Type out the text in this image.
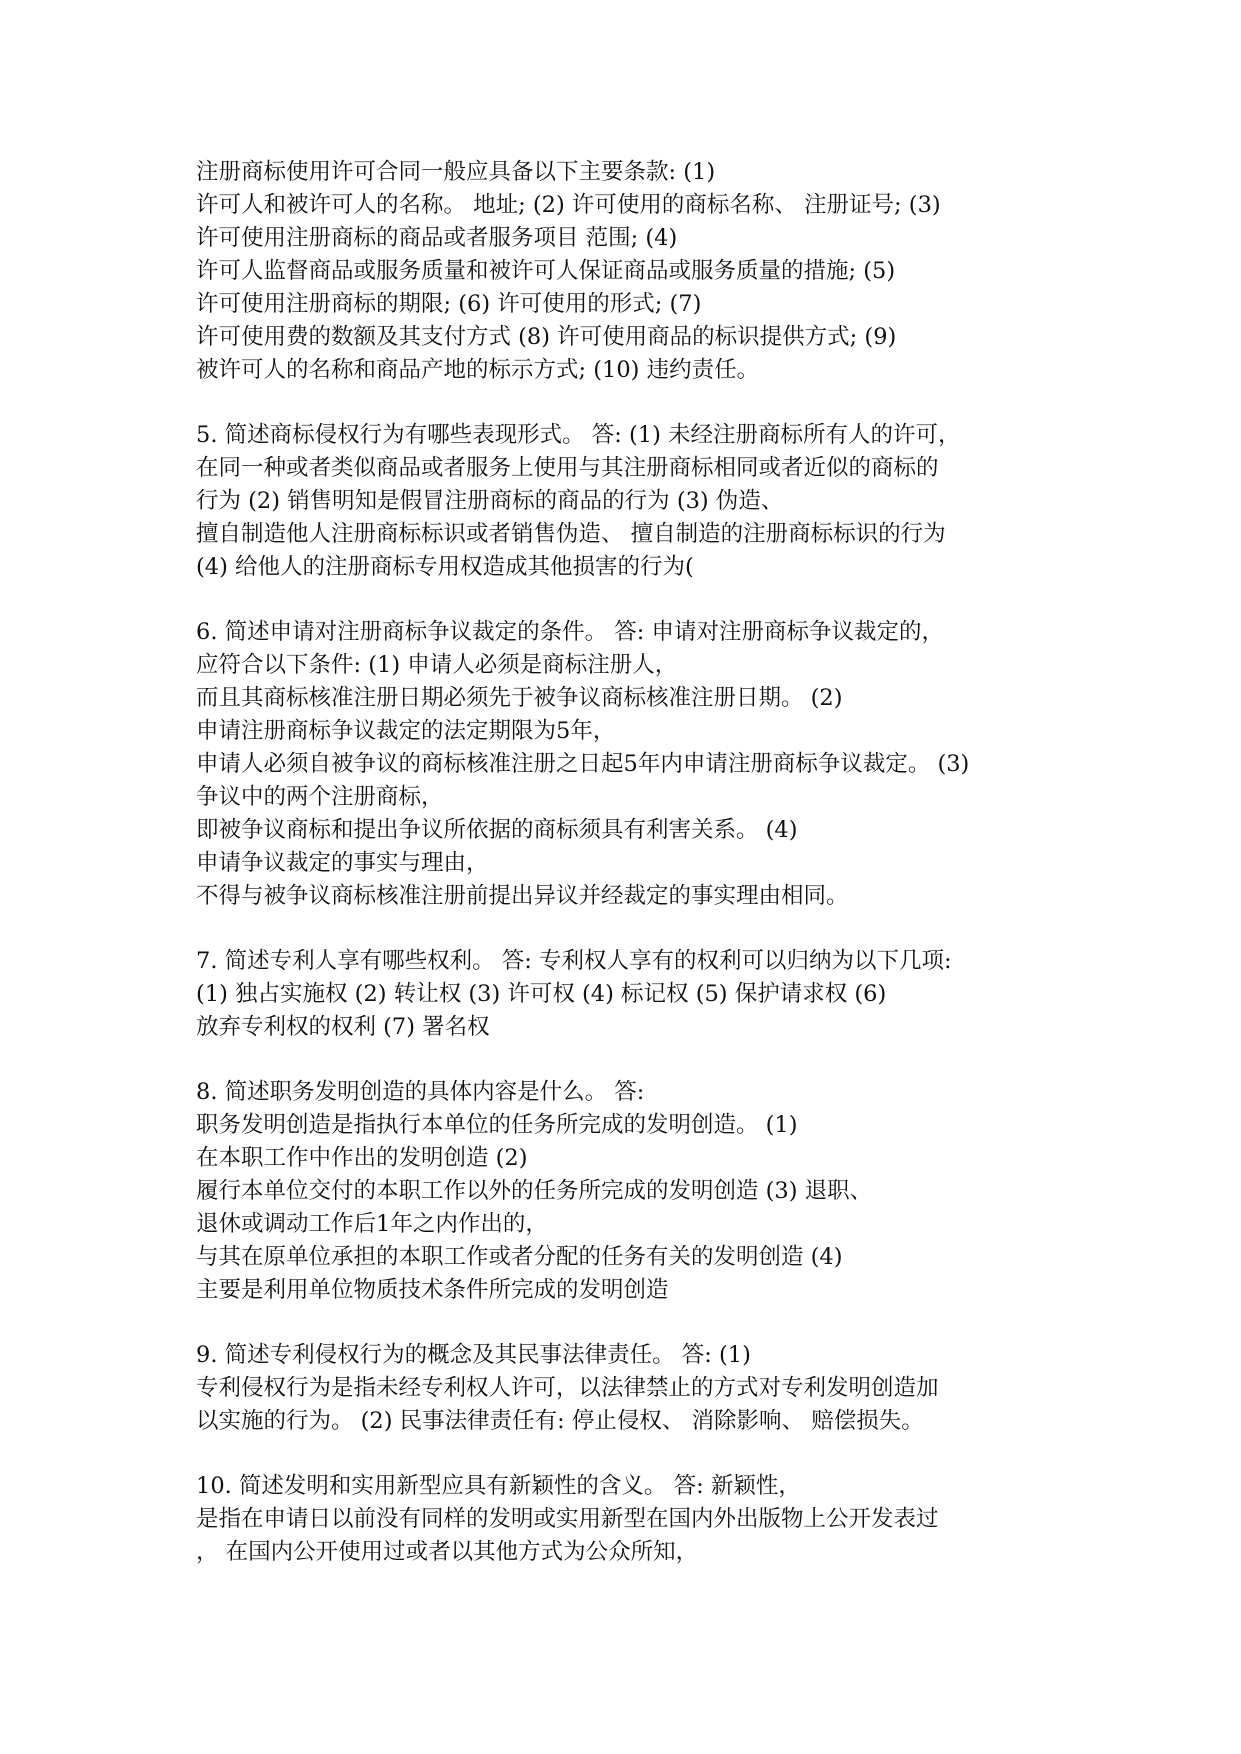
注册商标使用许可合同一般应具备以下主要条款: (1)
许可人和被许可人的名称。 地址; (2) 许可使用的商标名称、 注册证号; (3)
许可使用注册商标的商品或者服务项目 范围; (4)
许可人监督商品或服务质量和被许可人保证商品或服务质量的措施; (5)
许可使用注册商标的期限; (6) 许可使用的形式; (7)
许可使用费的数额及其支付方式 (8) 许可使用商品的标识提供方式; (9)
被许可人的名称和商品产地的标示方式; (10) 违约责任。
5. 简述商标侵权行为有哪些表现形式。 答: (1) 未经注册商标所有人的许可，
在同一种或者类似商品或者服务上使用与其注册商标相同或者近似的商标的
行为 (2) 销售明知是假冒注册商标的商品的行为 (3) 伪造、
擅自制造他人注册商标标识或者销售伪造、 擅自制造的注册商标标识的行为
(4) 给他人的注册商标专用权造成其他损害的行为(
6. 简述申请对注册商标争议裁定的条件。 答: 申请对注册商标争议裁定的，
应符合以下条件: (1) 申请人必须是商标注册人，
而且其商标核准注册日期必须先于被争议商标核准注册日期。 (2)
申请注册商标争议裁定的法定期限为5年，
申请人必须自被争议的商标核准注册之日起5年内申请注册商标争议裁定。 (3)
争议中的两个注册商标，
即被争议商标和提出争议所依据的商标须具有利害关系。 (4)
申请争议裁定的事实与理由，
不得与被争议商标核准注册前提出异议并经裁定的事实理由相同。
7. 简述专利人享有哪些权利。 答: 专利权人享有的权利可以归纳为以下几项:
(1) 独占实施权 (2) 转让权 (3) 许可权 (4) 标记权 (5) 保护请求权 (6)
放弃专利权的权利 (7) 署名权
8. 简述职务发明创造的具体内容是什么。 答:
职务发明创造是指执行本单位的任务所完成的发明创造。 (1)
在本职工作中作出的发明创造 (2)
履行本单位交付的本职工作以外的任务所完成的发明创造 (3) 退职、
退休或调动工作后1年之内作出的，
与其在原单位承担的本职工作或者分配的任务有关的发明创造 (4)
主要是利用单位物质技术条件所完成的发明创造
9. 简述专利侵权行为的概念及其民事法律责任。 答: (1)
专利侵权行为是指未经专利权人许可，以法律禁止的方式对专利发明创造加
以实施的行为。 (2) 民事法律责任有: 停止侵权、 消除影响、 赔偿损失。
10. 简述发明和实用新型应具有新颖性的含义。 答: 新颖性，
是指在申请日以前没有同样的发明或实用新型在国内外出版物上公开发表过
， 在国内公开使用过或者以其他方式为公众所知，
